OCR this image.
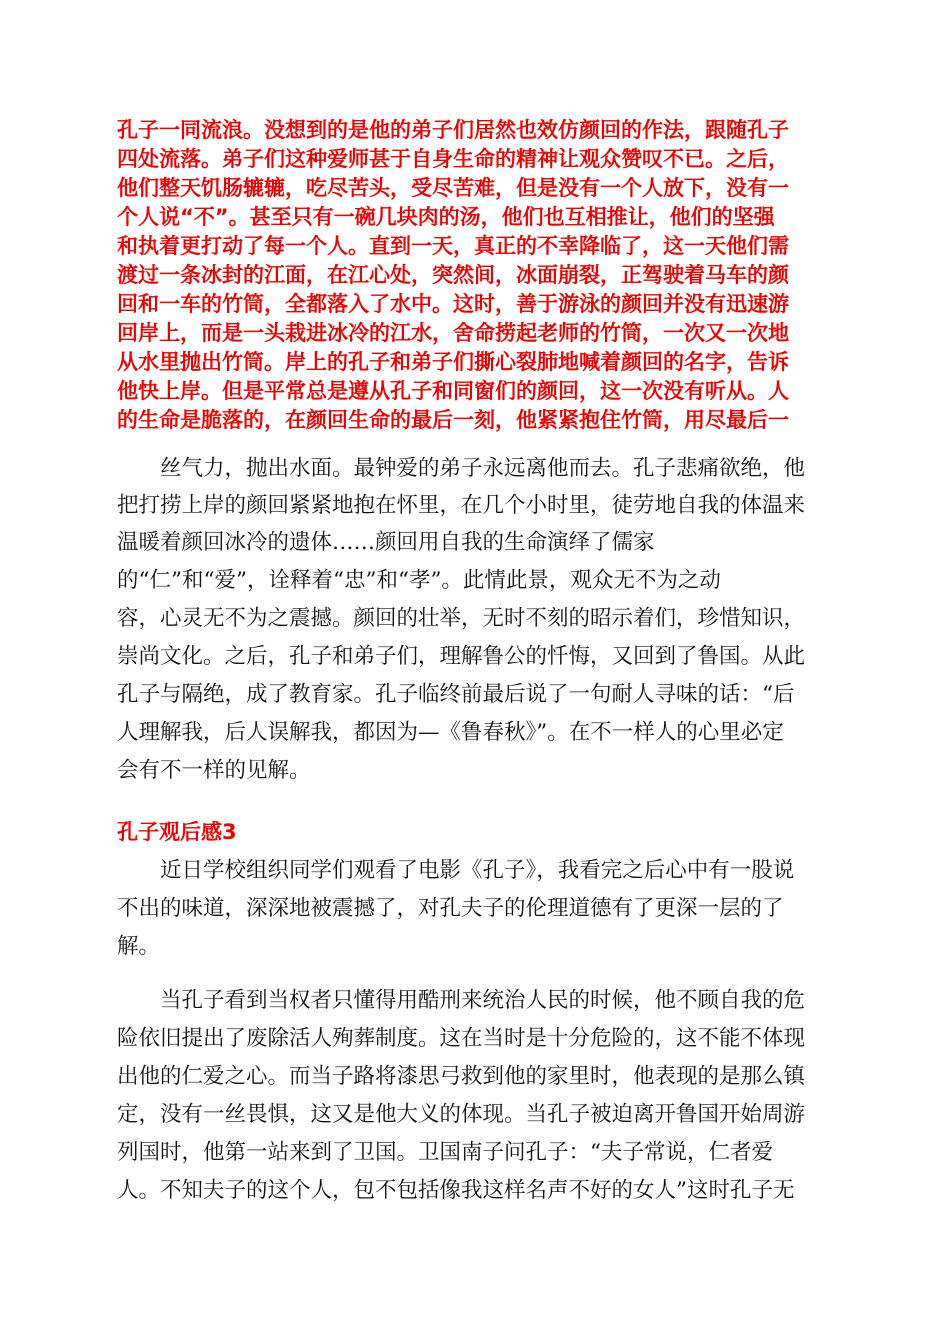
孔子一同流浪。没想到的是他的弟子们居然也效仿颜回的作法，跟随孔子
四处流落。弟子们这种爱师甚于自身生命的精神让观众赞叹不已。之后，
他们整天饥肠辘辘，吃尽苦头，受尽苦难，但是没有一个人放下，没有一
个人说“不”。甚至只有一碗几块肉的汤，他们也互相推让，他们的坚强
和执着更打动了每一个人。直到一天，真正的不幸降临了，这一天他们需
渡过一条冰封的江面，在江心处，突然间，冰面崩裂，正驾驶着马车的颜
回和一车的竹筒，全都落入了水中。这时，善于游泳的颜回并没有迅速游
回岸上，而是一头栽进冰冷的江水，舍命捞起老师的竹筒，一次又一次地
从水里抛出竹筒。岸上的孔子和弟子们撕心裂肺地喊着颜回的名字，告诉
他快上岸。但是平常总是遵从孔子和同窗们的颜回，这一次没有听从。人
的生命是脆落的，在颜回生命的最后一刻，他紧紧抱住竹筒，用尽最后一
丝气力，抛出水面。最钟爱的弟子永远离他而去。孔子悲痛欲绝，他
把打捞上岸的颜回紧紧地抱在怀里，在几个小时里，徒劳地自我的体温来
温暖着颜回冰冷的遗体……颜回用自我的生命演绎了儒家
的“仁”和“爱”，诠释着“忠”和“孝”。此情此景，观众无不为之动
容，心灵无不为之震撼。颜回的壮举，无时不刻的昭示着们，珍惜知识，
崇尚文化。之后，孔子和弟子们，理解鲁公的忏悔，又回到了鲁国。从此
孔子与隔绝，成了教育家。孔子临终前最后说了一句耐人寻味的话：“后
人理解我，后人误解我，都因为—《鲁春秋》”。在不一样人的心里必定
会有不一样的见解。
孔子观后感3
近日学校组织同学们观看了电影《孔子》，我看完之后心中有一股说
不出的味道，深深地被震撼了，对孔夫子的伦理道德有了更深一层的了
解。
当孔子看到当权者只懂得用酷刑来统治人民的时候，他不顾自我的危
险依旧提出了废除活人殉葬制度。这在当时是十分危险的，这不能不体现
出他的仁爱之心。而当子路将漆思弓救到他的家里时，他表现的是那么镇
定，没有一丝畏惧，这又是他大义的体现。当孔子被迫离开鲁国开始周游
列国时，他第一站来到了卫国。卫国南子问孔子：“夫子常说，仁者爱
人。不知夫子的这个人，包不包括像我这样名声不好的女人”这时孔子无
